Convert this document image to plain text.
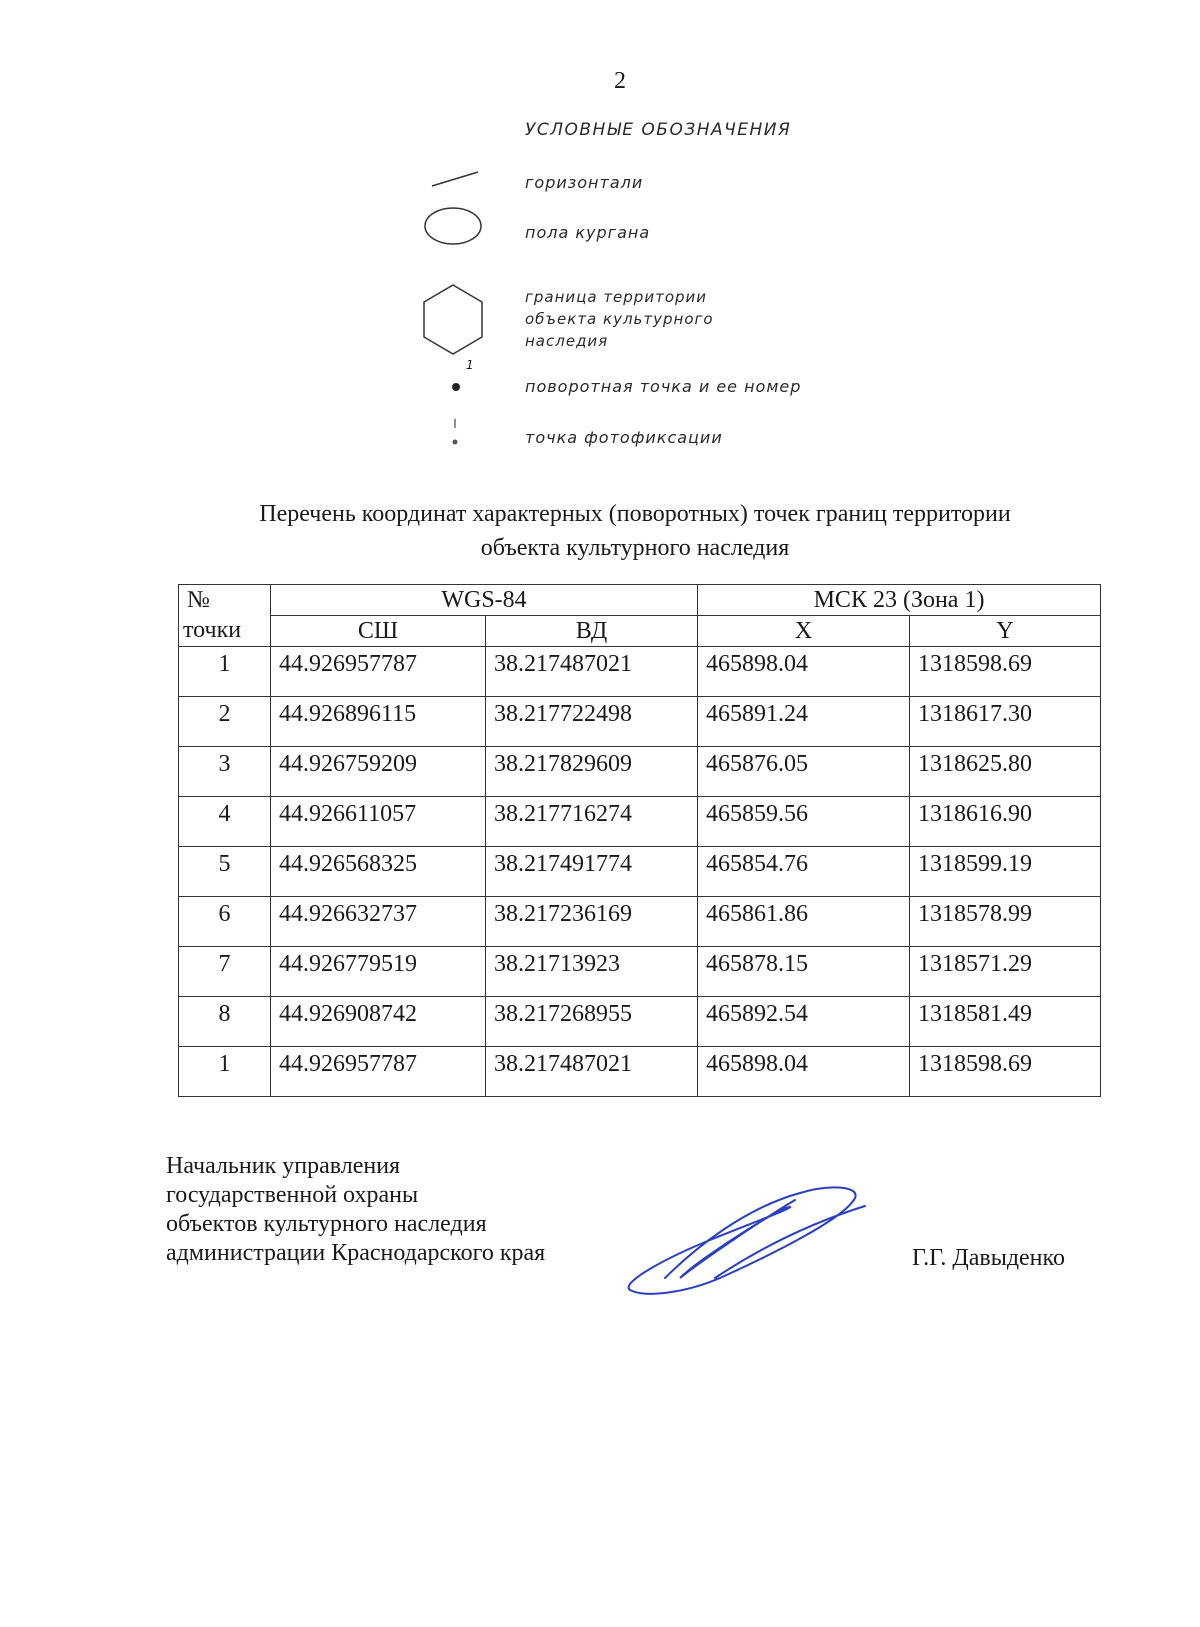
2
УСЛОВНЫЕ ОБОЗНАЧЕНИЯ
горизонтали
пола кургана
граница территории
объекта культурного
наследия
1
поворотная точка и ее номер
точка фотофиксации
Перечень координат характерных (поворотных) точек границ территории
объекта культурного наследия
№	WGS-84		МСК 23 (Зона 1)	
точки	СШ	ВД	X	Y
1	44.926957787	38.217487021	465898.04	1318598.69
2	44.926896115	38.217722498	465891.24	1318617.30
3	44.926759209	38.217829609	465876.05	1318625.80
4	44.926611057	38.217716274	465859.56	1318616.90
5	44.926568325	38.217491774	465854.76	1318599.19
6	44.926632737	38.217236169	465861.86	1318578.99
7	44.926779519	38.21713923	465878.15	1318571.29
8	44.926908742	38.217268955	465892.54	1318581.49
1	44.926957787	38.217487021	465898.04	1318598.69
Начальник управления
государственной охраны
объектов культурного наследия
администрации Краснодарского края	Г.Г. Давыденко
